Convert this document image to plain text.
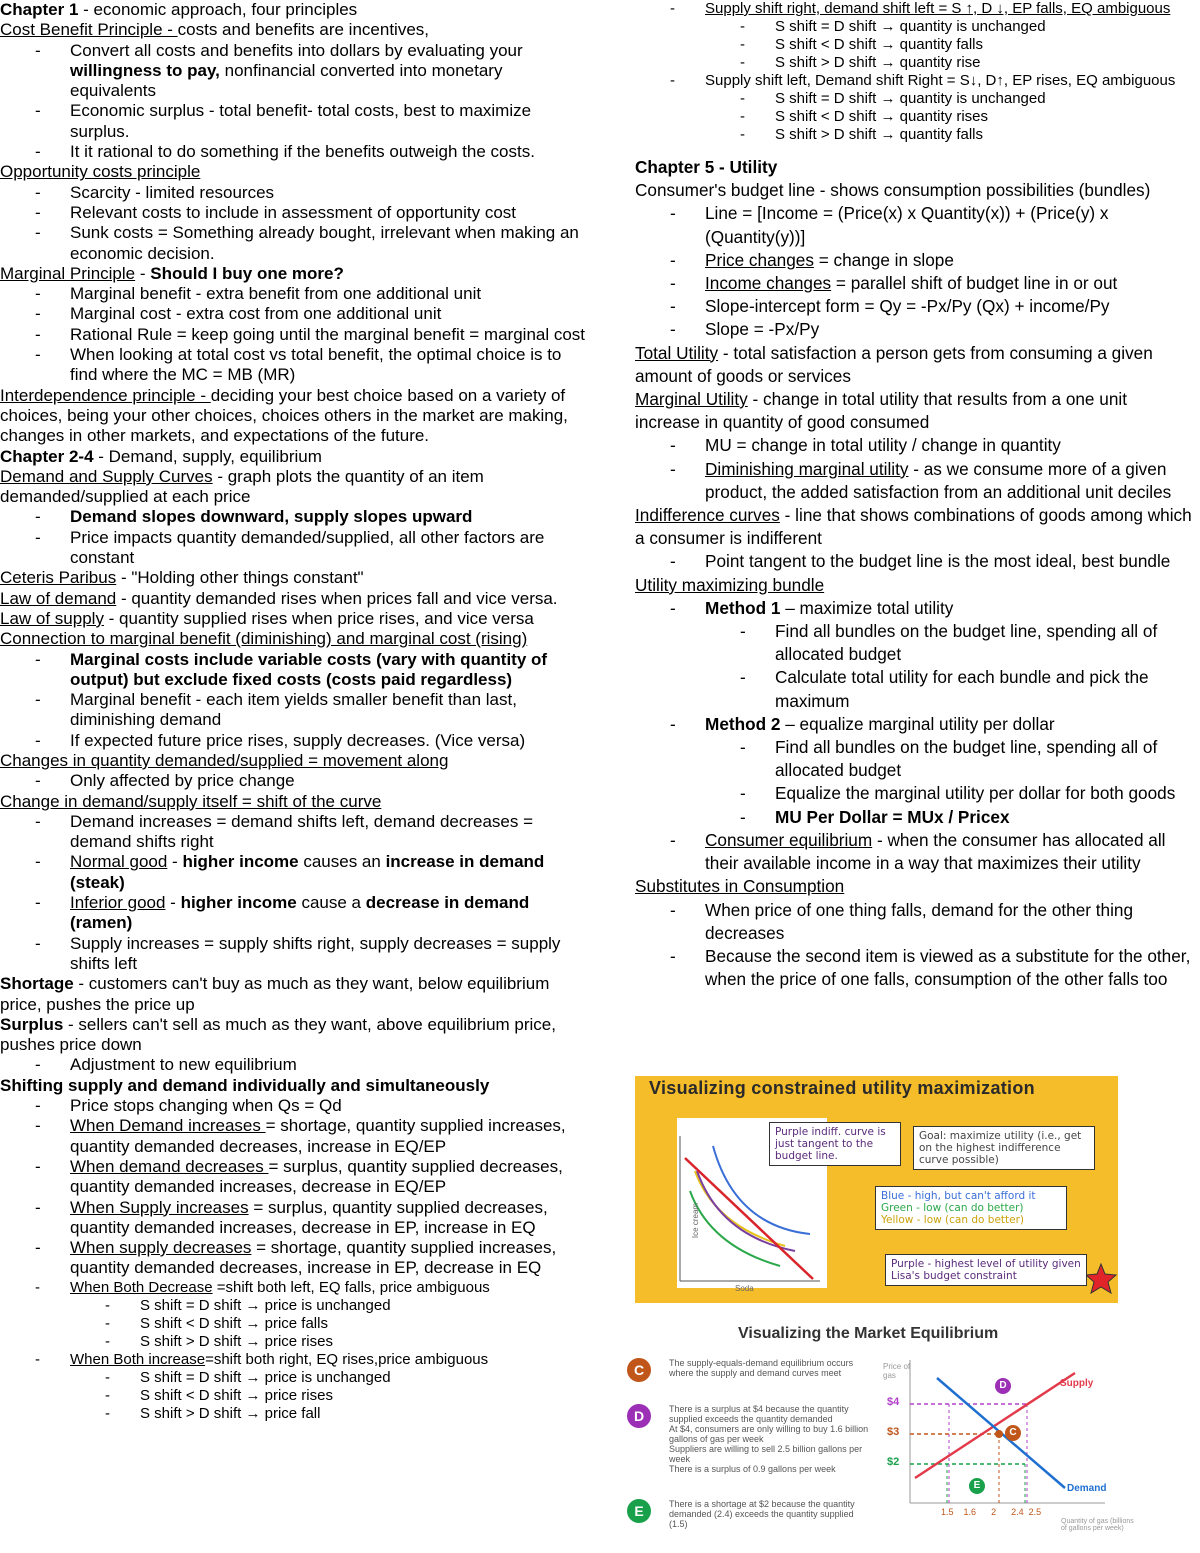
Chapter 1 - economic approach, four principles
Cost Benefit Principle - costs and benefits are incentives,
- Convert all costs and benefits into dollars by evaluating your willingness to pay, nonfinancial converted into monetary equivalents
- Economic surplus - total benefit- total costs, best to maximize surplus.
- It it rational to do something if the benefits outweigh the costs.
Opportunity costs principle
- Scarcity - limited resources
- Relevant costs to include in assessment of opportunity cost
- Sunk costs = Something already bought, irrelevant when making an economic decision.
Marginal Principle - Should I buy one more?
- Marginal benefit - extra benefit from one additional unit
- Marginal cost - extra cost from one additional unit
- Rational Rule = keep going until the marginal benefit = marginal cost
- When looking at total cost vs total benefit, the optimal choice is to find where the MC = MB (MR)
Interdependence principle - deciding your best choice based on a variety of choices, being your other choices, choices others in the market are making, changes in other markets, and expectations of the future.
Chapter 2-4 - Demand, supply, equilibrium
Demand and Supply Curves - graph plots the quantity of an item demanded/supplied at each price
- Demand slopes downward, supply slopes upward
- Price impacts quantity demanded/supplied, all other factors are constant
Ceteris Paribus - "Holding other things constant"
Law of demand - quantity demanded rises when prices fall and vice versa.
Law of supply - quantity supplied rises when price rises, and vice versa
Connection to marginal benefit (diminishing) and marginal cost (rising)
- Marginal costs include variable costs (vary with quantity of output) but exclude fixed costs (costs paid regardless)
- Marginal benefit - each item yields smaller benefit than last, diminishing demand
- If expected future price rises, supply decreases. (Vice versa)
Changes in quantity demanded/supplied = movement along
- Only affected by price change
Change in demand/supply itself = shift of the curve
- Demand increases = demand shifts left, demand decreases = demand shifts right
- Normal good - higher income causes an increase in demand (steak)
- Inferior good - higher income cause a decrease in demand (ramen)
- Supply increases = supply shifts right, supply decreases = supply shifts left
Shortage - customers can't buy as much as they want, below equilibrium price, pushes the price up
Surplus - sellers can't sell as much as they want, above equilibrium price, pushes price down
- Adjustment to new equilibrium
Shifting supply and demand individually and simultaneously
- Price stops changing when Qs = Qd
- When Demand increases = shortage, quantity supplied increases, quantity demanded decreases, increase in EQ/EP
- When demand decreases = surplus, quantity supplied decreases, quantity demanded increases, decrease in EQ/EP
- When Supply increases = surplus, quantity supplied decreases, quantity demanded increases, decrease in EP, increase in EQ
- When supply decreases = shortage, quantity supplied increases, quantity demanded decreases, increase in EP, decrease in EQ
- When Both Decrease =shift both left, EQ falls, price ambiguous
- S shift = D shift → price is unchanged
- S shift < D shift → price falls
- S shift > D shift → price rises
- When Both increase=shift both right, EQ rises,price ambiguous
- S shift = D shift → price is unchanged
- S shift < D shift → price rises
- S shift > D shift → price fall
- Supply shift right, demand shift left = S ↑, D ↓, EP falls, EQ ambiguous
- S shift = D shift → quantity is unchanged
- S shift < D shift → quantity falls
- S shift > D shift → quantity rise
- Supply shift left, Demand shift Right = S↓, D↑, EP rises, EQ ambiguous
- S shift = D shift → quantity is unchanged
- S shift < D shift → quantity rises
- S shift > D shift → quantity falls
Chapter 5 - Utility
Consumer's budget line - shows consumption possibilities (bundles)
- Line = [Income = (Price(x) x Quantity(x)) + (Price(y) x (Quantity(y))]
- Price changes = change in slope
- Income changes = parallel shift of budget line in or out
- Slope-intercept form = Qy = -Px/Py (Qx) + income/Py
- Slope = -Px/Py
Total Utility - total satisfaction a person gets from consuming a given amount of goods or services
Marginal Utility - change in total utility that results from a one unit increase in quantity of good consumed
- MU = change in total utility / change in quantity
- Diminishing marginal utility - as we consume more of a given product, the added satisfaction from an additional unit deciles
Indifference curves - line that shows combinations of goods among which a consumer is indifferent
- Point tangent to the budget line is the most ideal, best bundle
Utility maximizing bundle
- Method 1 – maximize total utility
- Find all bundles on the budget line, spending all of allocated budget
- Calculate total utility for each bundle and pick the maximum
- Method 2 – equalize marginal utility per dollar
- Find all bundles on the budget line, spending all of allocated budget
- Equalize the marginal utility per dollar for both goods
- MU Per Dollar = MUx / Pricex
- Consumer equilibrium - when the consumer has allocated all their available income in a way that maximizes their utility
Substitutes in Consumption
- When price of one thing falls, demand for the other thing decreases
- Because the second item is viewed as a substitute for the other, when the price of one falls, consumption of the other falls too
Visualizing constrained utility maximization
Ice cream
Soda
Purple indiff. curve is just tangent to the budget line.
Goal: maximize utility (i.e., get on the highest indifference curve possible)
Blue - high, but can't afford it
Green - low (can do better)
Yellow - low (can do better)
Purple - highest level of utility given Lisa's budget constraint
Visualizing the Market Equilibrium
C	The supply-equals-demand equilibrium occurs where the supply and demand curves meet
D	There is a surplus at $4 because the quantity supplied exceeds the quantity demanded
At $4, consumers are only willing to buy 1.6 billion gallons of gas per week
Suppliers are willing to sell 2.5 billion gallons per week
There is a surplus of 0.9 gallons per week
E	There is a shortage at $2 because the quantity demanded (2.4) exceeds the quantity supplied (1.5)
Price of gas
$4
$3
$2
Supply
Demand
D
C
E
1.5 1.6 2 2.4 2.5
Quantity of gas (billions of gallons per week)
